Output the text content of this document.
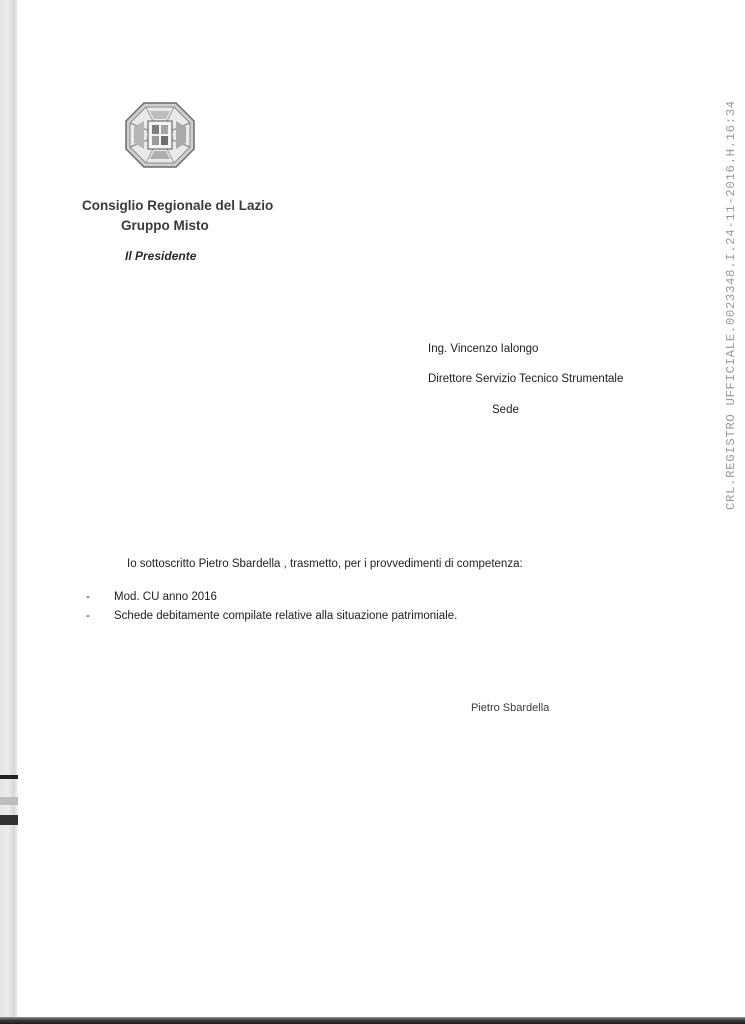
Consiglio Regionale del Lazio
Gruppo Misto
Il Presidente
Ing. Vincenzo Ialongo
Direttore Servizio Tecnico Strumentale
Sede
Io sottoscritto Pietro Sbardella , trasmetto, per i provvedimenti di competenza:
-	Mod. CU anno 2016
-	Schede debitamente compilate relative alla situazione patrimoniale.
Pietro Sbardella
CRL.REGISTRO UFFICIALE.0023348.I.24-11-2016.H.16:34
